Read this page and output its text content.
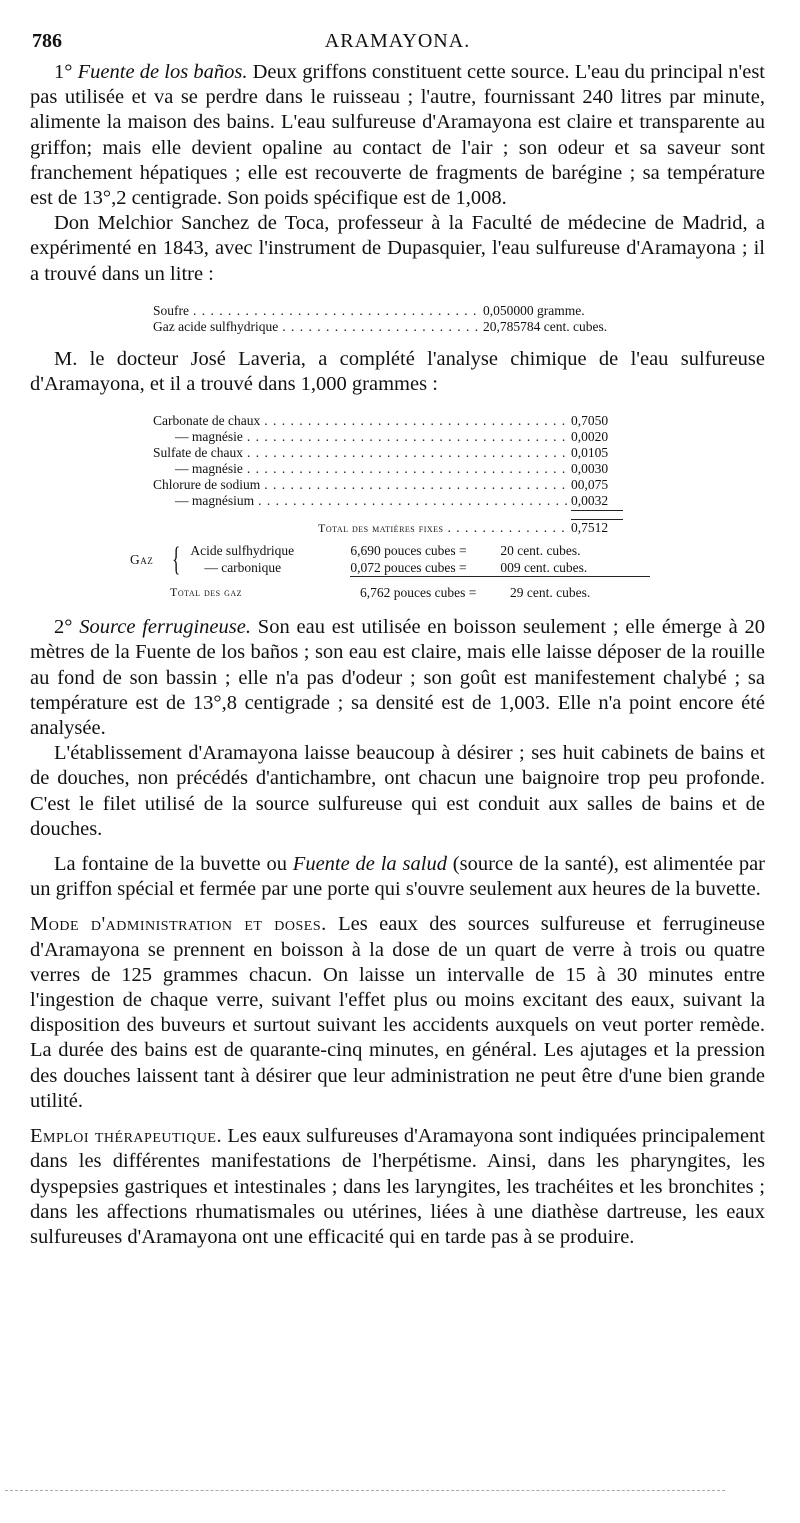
786	ARAMAYONA.

1° Fuente de los baños. Deux griffons constituent cette source. L'eau du principal n'est pas utilisée et va se perdre dans le ruisseau ; l'autre, fournissant 240 litres par minute, alimente la maison des bains. L'eau sulfureuse d'Aramayona est claire et transparente au griffon; mais elle devient opaline au contact de l'air ; son odeur et sa saveur sont franchement hépatiques ; elle est recouverte de fragments de barégine ; sa température est de 13°,2 centigrade. Son poids spécifique est de 1,008.

Don Melchior Sanchez de Toca, professeur à la Faculté de médecine de Madrid, a expérimenté en 1843, avec l'instrument de Dupasquier, l'eau sulfureuse d'Aramayona ; il a trouvé dans un litre :

Soufre . . .	0,050000 gramme.
Gaz acide sulfhydrique . . .	20,785784 cent. cubes.

M. le docteur José Laveria, a complété l'analyse chimique de l'eau sulfureuse d'Aramayona, et il a trouvé dans 1,000 grammes :

Carbonate de chaux . . .	0,7050
— magnésie . . .	0,0020
Sulfate de chaux . . .	0,0105
— magnésie . . .	0,0030
Chlorure de sodium . . .	00,075
— magnésium . . .	0,0032
Total des matières fixes . . .	0,7512
Gaz { Acide sulfhydrique	6,690 pouces cubes =	20 cent. cubes.
— carbonique	0,072 pouces cubes =	009 cent. cubes.
Total des gaz	6,762 pouces cubes =	29 cent. cubes.

2° Source ferrugineuse. Son eau est utilisée en boisson seulement ; elle émerge à 20 mètres de la Fuente de los baños ; son eau est claire, mais elle laisse déposer de la rouille au fond de son bassin ; elle n'a pas d'odeur ; son goût est manifestement chalybé ; sa température est de 13°,8 centigrade ; sa densité est de 1,003. Elle n'a point encore été analysée.

L'établissement d'Aramayona laisse beaucoup à désirer ; ses huit cabinets de bains et de douches, non précédés d'antichambre, ont chacun une baignoire trop peu profonde. C'est le filet utilisé de la source sulfureuse qui est conduit aux salles de bains et de douches.

La fontaine de la buvette ou Fuente de la salud (source de la santé), est alimentée par un griffon spécial et fermée par une porte qui s'ouvre seulement aux heures de la buvette.

Mode d'administration et doses. Les eaux des sources sulfureuse et ferrugineuse d'Aramayona se prennent en boisson à la dose de un quart de verre à trois ou quatre verres de 125 grammes chacun. On laisse un intervalle de 15 à 30 minutes entre l'ingestion de chaque verre, suivant l'effet plus ou moins excitant des eaux, suivant la disposition des buveurs et surtout suivant les accidents auxquels on veut porter remède. La durée des bains est de quarante-cinq minutes, en général. Les ajutages et la pression des douches laissent tant à désirer que leur administration ne peut être d'une bien grande utilité.

Emploi thérapeutique. Les eaux sulfureuses d'Aramayona sont indiquées principalement dans les différentes manifestations de l'herpétisme. Ainsi, dans les pharyngites, les dyspepsies gastriques et intestinales ; dans les laryngites, les trachéites et les bronchites ; dans les affections rhumatismales ou utérines, liées à une diathèse dartreuse, les eaux sulfureuses d'Aramayona ont une efficacité qui en tarde pas à se produire.
